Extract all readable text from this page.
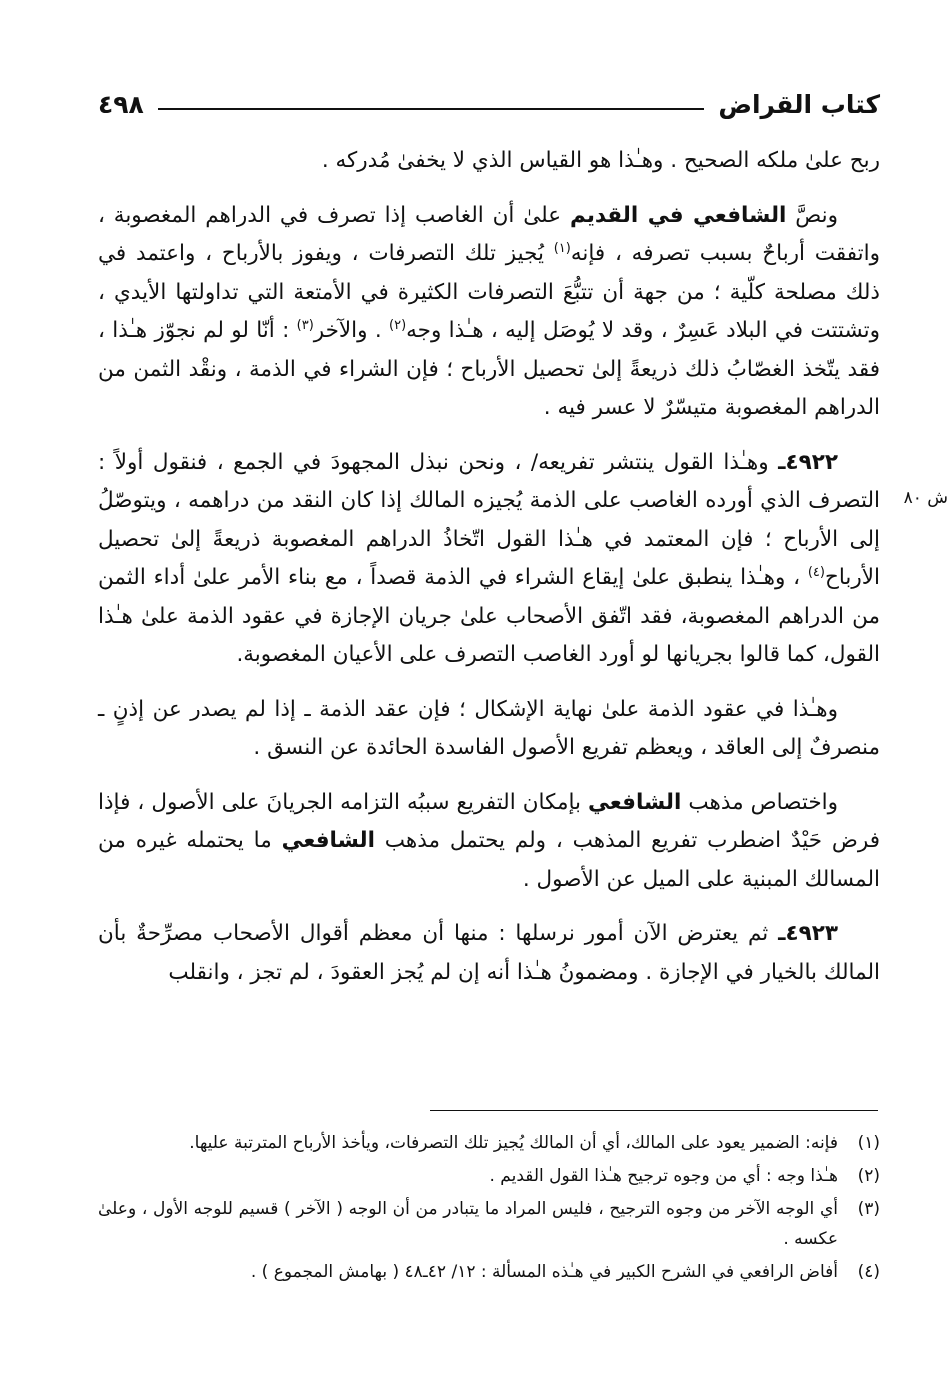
كتاب القراض
٤٩٨
ش ٨٠

ربح علىٰ ملكه الصحيح . وهـٰذا هو القياس الذي لا يخفىٰ مُدركه .

ونصَّ الشافعي في القديم علىٰ أن الغاصب إذا تصرف في الدراهم المغصوبة ، واتفقت أرباحٌ بسبب تصرفه ، فإنه$^{(١)}$ يُجيز تلك التصرفات ، ويفوز بالأرباح ، واعتمد في ذلك مصلحة كلّية ؛ من جهة أن تتبُّعَ التصرفات الكثيرة في الأمتعة التي تداولتها الأيدي ، وتشتتت في البلاد عَسِرٌ ، وقد لا يُوصَل إليه ، هـٰذا وجه$^{(٢)}$ . والآخر$^{(٣)}$ : أنّا لو لم نجوّز هـٰذا ، فقد يتّخذ الغصّابُ ذلك ذريعةً إلىٰ تحصيل الأرباح ؛ فإن الشراء في الذمة ، ونقْد الثمن من الدراهم المغصوبة متيسّرٌ لا عسر فيه .

٤٩٢٢ـ وهـٰذا القول ينتشر تفريعه/ ، ونحن نبذل المجهودَ في الجمع ، فنقول أولاً : التصرف الذي أورده الغاصب على الذمة يُجيزه المالك إذا كان النقد من دراهمه ، ويتوصّلُ إلى الأرباح ؛ فإن المعتمد في هـٰذا القول اتّخاذُ الدراهم المغصوبة ذريعةً إلىٰ تحصيل الأرباح$^{(٤)}$ ، وهـٰذا ينطبق علىٰ إيقاع الشراء في الذمة قصداً ، مع بناء الأمر علىٰ أداء الثمن من الدراهم المغصوبة، فقد اتّفق الأصحاب علىٰ جريان الإجازة في عقود الذمة علىٰ هـٰذا القول، كما قالوا بجريانها لو أورد الغاصب التصرف على الأعيان المغصوبة.

وهـٰذا في عقود الذمة علىٰ نهاية الإشكال ؛ فإن عقد الذمة ـ إذا لم يصدر عن إذنٍ ـ منصرفٌ إلى العاقد ، ويعظم تفريع الأصول الفاسدة الحائدة عن النسق .

واختصاص مذهب الشافعي بإمكان التفريع سببُه التزامه الجريانَ على الأصول ، فإذا فرض حَيْدٌ اضطرب تفريع المذهب ، ولم يحتمل مذهب الشافعي ما يحتمله غيره من المسالك المبنية على الميل عن الأصول .

٤٩٢٣ـ ثم يعترض الآن أمور نرسلها : منها أن معظم أقوال الأصحاب مصرِّحةٌ بأن المالك بالخيار في الإجازة . ومضمونُ هـٰذا أنه إن لم يُجز العقودَ ، لم تجز ، وانقلب

(١)
فإنه: الضمير يعود على المالك، أي أن المالك يُجيز تلك التصرفات، ويأخذ الأرباح المترتبة عليها.
(٢)
هـٰذا وجه : أي من وجوه ترجيح هـٰذا القول القديم .
(٣)
أي الوجه الآخر من وجوه الترجيح ، فليس المراد ما يتبادر من أن الوجه ( الآخر ) قسيم للوجه الأول ، وعلىٰ عكسه .
(٤)
أفاض الرافعي في الشرح الكبير في هـٰذه المسألة : ١٢/ ٤٢ـ٤٨ ( بهامش المجموع ) .
